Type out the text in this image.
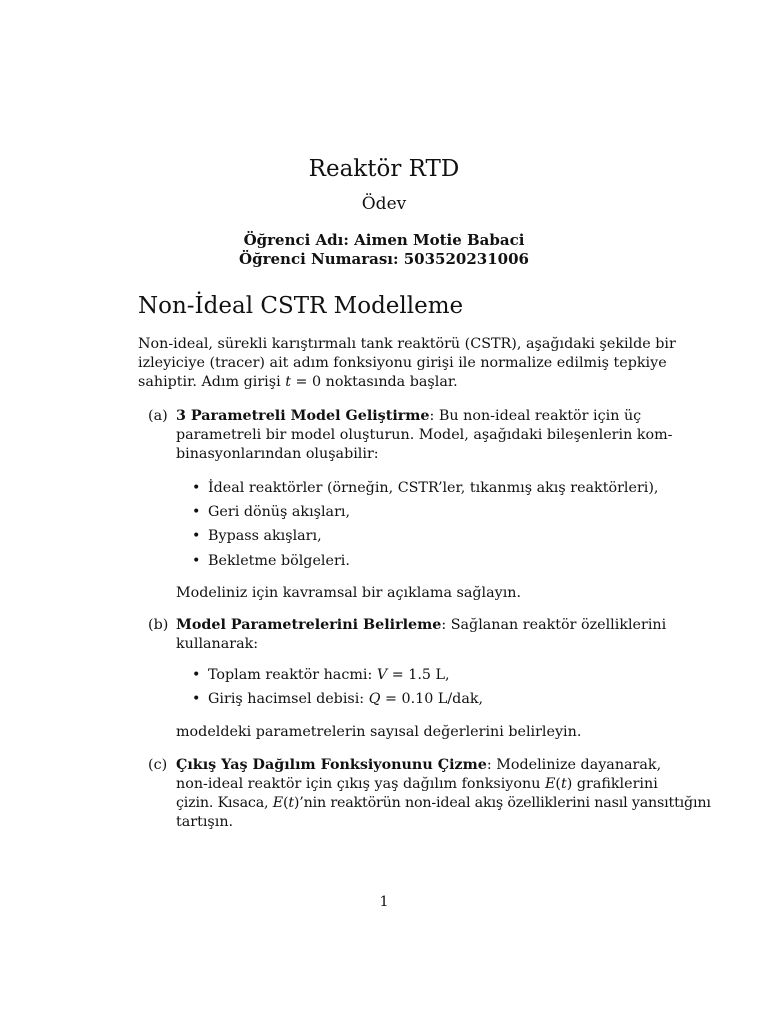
Reaktör RTD
Ödev
Öğrenci Adı: Aimen Motie Babaci
Öğrenci Numarası: 503520231006
Non-İdeal CSTR Modelleme
Non-ideal, sürekli karıştırmalı tank reaktörü (CSTR), aşağıdaki şekilde bir
izleyiciye (tracer) ait adım fonksiyonu girişi ile normalize edilmiş tepkiye
sahiptir. Adım girişi t = 0 noktasında başlar.
(a) 3 Parametreli Model Geliştirme: Bu non-ideal reaktör için üç
parametreli bir model oluşturun. Model, aşağıdaki bileşenlerin kom-
binasyonlarından oluşabilir:
• İdeal reaktörler (örneğin, CSTR’ler, tıkanmış akış reaktörleri),
• Geri dönüş akışları,
• Bypass akışları,
• Bekletme bölgeleri.
Modeliniz için kavramsal bir açıklama sağlayın.
(b) Model Parametrelerini Belirleme: Sağlanan reaktör özelliklerini
kullanarak:
• Toplam reaktör hacmi: V = 1.5 L,
• Giriş hacimsel debisi: Q = 0.10 L/dak,
modeldeki parametrelerin sayısal değerlerini belirleyin.
(c) Çıkış Yaş Dağılım Fonksiyonunu Çizme: Modelinize dayanarak,
non-ideal reaktör için çıkış yaş dağılım fonksiyonu E(t) grafiklerini
çizin. Kısaca, E(t)’nin reaktörün non-ideal akış özelliklerini nasıl yansıttığını
tartışın.
1
